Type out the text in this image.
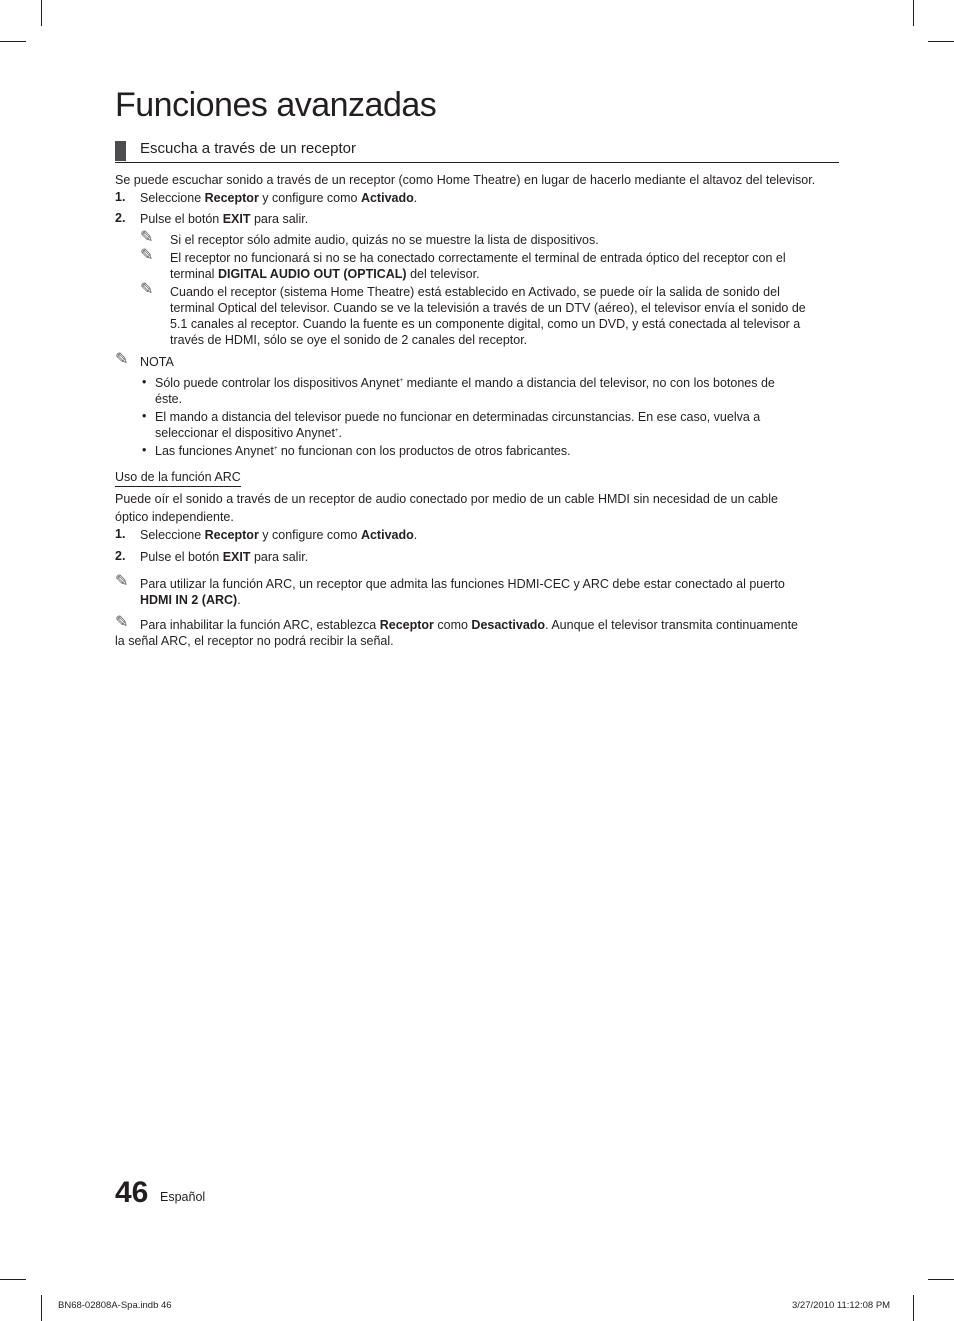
Funciones avanzadas
Escucha a través de un receptor
Se puede escuchar sonido a través de un receptor (como Home Theatre) en lugar de hacerlo mediante el altavoz del televisor.
1. Seleccione Receptor y configure como Activado.
2. Pulse el botón EXIT para salir.
✎ Si el receptor sólo admite audio, quizás no se muestre la lista de dispositivos.
✎ El receptor no funcionará si no se ha conectado correctamente el terminal de entrada óptico del receptor con el
terminal DIGITAL AUDIO OUT (OPTICAL) del televisor.
✎ Cuando el receptor (sistema Home Theatre) está establecido en Activado, se puede oír la salida de sonido del
terminal Optical del televisor. Cuando se ve la televisión a través de un DTV (aéreo), el televisor envía el sonido de
5.1 canales al receptor. Cuando la fuente es un componente digital, como un DVD, y está conectada al televisor a
través de HDMI, sólo se oye el sonido de 2 canales del receptor.
✎ NOTA
• Sólo puede controlar los dispositivos Anynet+ mediante el mando a distancia del televisor, no con los botones de
éste.
• El mando a distancia del televisor puede no funcionar en determinadas circunstancias. En ese caso, vuelva a
seleccionar el dispositivo Anynet+.
• Las funciones Anynet+ no funcionan con los productos de otros fabricantes.
Uso de la función ARC
Puede oír el sonido a través de un receptor de audio conectado por medio de un cable HMDI sin necesidad de un cable
óptico independiente.
1. Seleccione Receptor y configure como Activado.
2. Pulse el botón EXIT para salir.
✎ Para utilizar la función ARC, un receptor que admita las funciones HDMI-CEC y ARC debe estar conectado al puerto
HDMI IN 2 (ARC).
✎ Para inhabilitar la función ARC, establezca Receptor como Desactivado. Aunque el televisor transmita continuamente
la señal ARC, el receptor no podrá recibir la señal.
46 Español
BN68-02808A-Spa.indb 46	3/27/2010 11:12:08 PM
